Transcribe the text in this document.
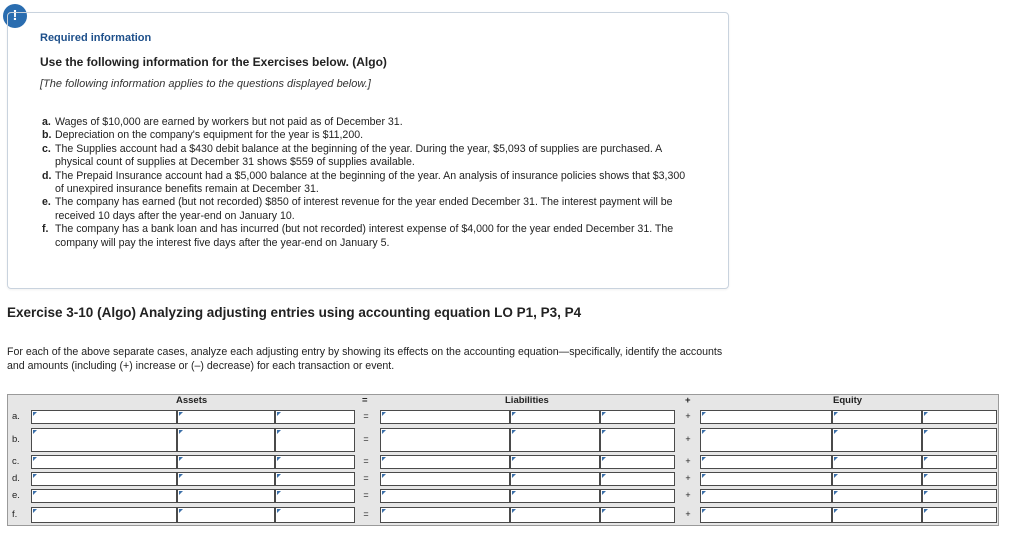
!
Required information
Use the following information for the Exercises below. (Algo)
[The following information applies to the questions displayed below.]
a. Wages of $10,000 are earned by workers but not paid as of December 31.
b. Depreciation on the company's equipment for the year is $11,200.
c. The Supplies account had a $430 debit balance at the beginning of the year. During the year, $5,093 of supplies are purchased. A physical count of supplies at December 31 shows $559 of supplies available.
d. The Prepaid Insurance account had a $5,000 balance at the beginning of the year. An analysis of insurance policies shows that $3,300 of unexpired insurance benefits remain at December 31.
e. The company has earned (but not recorded) $850 of interest revenue for the year ended December 31. The interest payment will be received 10 days after the year-end on January 10.
f. The company has a bank loan and has incurred (but not recorded) interest expense of $4,000 for the year ended December 31. The company will pay the interest five days after the year-end on January 5.
Exercise 3-10 (Algo) Analyzing adjusting entries using accounting equation LO P1, P3, P4
For each of the above separate cases, analyze each adjusting entry by showing its effects on the accounting equation—specifically, identify the accounts and amounts (including (+) increase or (–) decrease) for each transaction or event.
Assets	=	Liabilities	+	Equity
a.	=	+
b.	=	+
c.	=	+
d.	=	+
e.	=	+
f.	=	+
